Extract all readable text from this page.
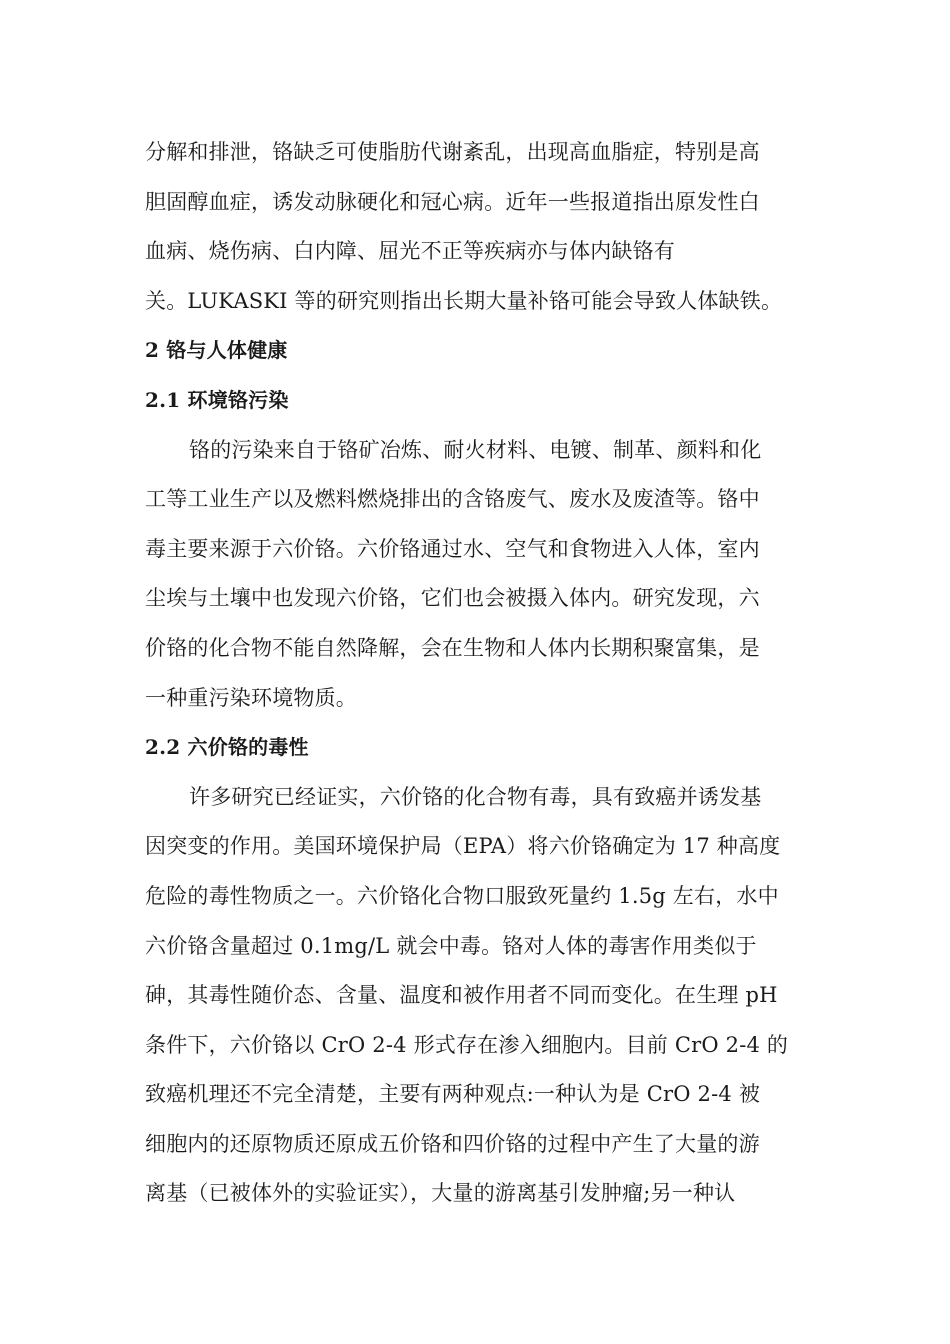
分解和排泄，铬缺乏可使脂肪代谢紊乱，出现高血脂症，特别是高
胆固醇血症，诱发动脉硬化和冠心病。近年一些报道指出原发性白
血病、烧伤病、白内障、屈光不正等疾病亦与体内缺铬有
关。LUKASKI 等的研究则指出长期大量补铬可能会导致人体缺铁。
2 铬与人体健康
2.1 环境铬污染
铬的污染来自于铬矿冶炼、耐火材料、电镀、制革、颜料和化
工等工业生产以及燃料燃烧排出的含铬废气、废水及废渣等。铬中
毒主要来源于六价铬。六价铬通过水、空气和食物进入人体，室内
尘埃与土壤中也发现六价铬，它们也会被摄入体内。研究发现，六
价铬的化合物不能自然降解，会在生物和人体内长期积聚富集，是
一种重污染环境物质。
2.2 六价铬的毒性
许多研究已经证实，六价铬的化合物有毒，具有致癌并诱发基
因突变的作用。美国环境保护局（EPA）将六价铬确定为 17 种高度
危险的毒性物质之一。六价铬化合物口服致死量约 1.5g 左右，水中
六价铬含量超过 0.1mg/L 就会中毒。铬对人体的毒害作用类似于
砷，其毒性随价态、含量、温度和被作用者不同而变化。在生理 pH
条件下，六价铬以 CrO 2-4 形式存在渗入细胞内。目前 CrO 2-4 的
致癌机理还不完全清楚，主要有两种观点:一种认为是 CrO 2-4 被
细胞内的还原物质还原成五价铬和四价铬的过程中产生了大量的游
离基（已被体外的实验证实），大量的游离基引发肿瘤;另一种认
